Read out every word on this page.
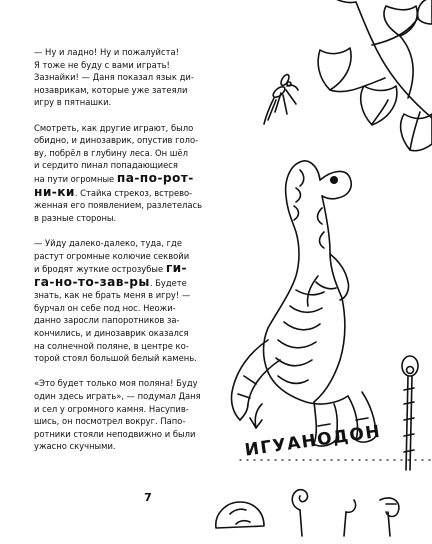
— Ну и ладно! Ну и пожалуйста!
Я тоже не буду с вами играть!
Зазнайки! — Даня показал язык ди-
нозаврикам, которые уже затеяли
игру в пятнашки.
Смотреть, как другие играют, было
обидно, и динозаврик, опустив голо-
ву, побрёл в глубину леса. Он шёл
и сердито пинал попадающиеся
на пути огромные па-по-рот-
ни-ки. Стайка стрекоз, встрево-
женная его появлением, разлетелась
в разные стороны.
— Уйду далеко-далеко, туда, где
растут огромные колючие секвойи
и бродят жуткие острозубые ги-
га-но-то-зав-ры. Будете
знать, как не брать меня в игру! —
бурчал он себе под нос. Неожи-
данно заросли папоротников за-
кончились, и динозаврик оказался
на солнечной поляне, в центре ко-
торой стоял большой белый камень.
«Это будет только моя поляна! Буду
один здесь играть», — подумал Даня
и сел у огромного камня. Насупив-
шись, он посмотрел вокруг. Папо-
ротники стояли неподвижно и были
ужасно скучными.
7
ИГУАНОДОН
